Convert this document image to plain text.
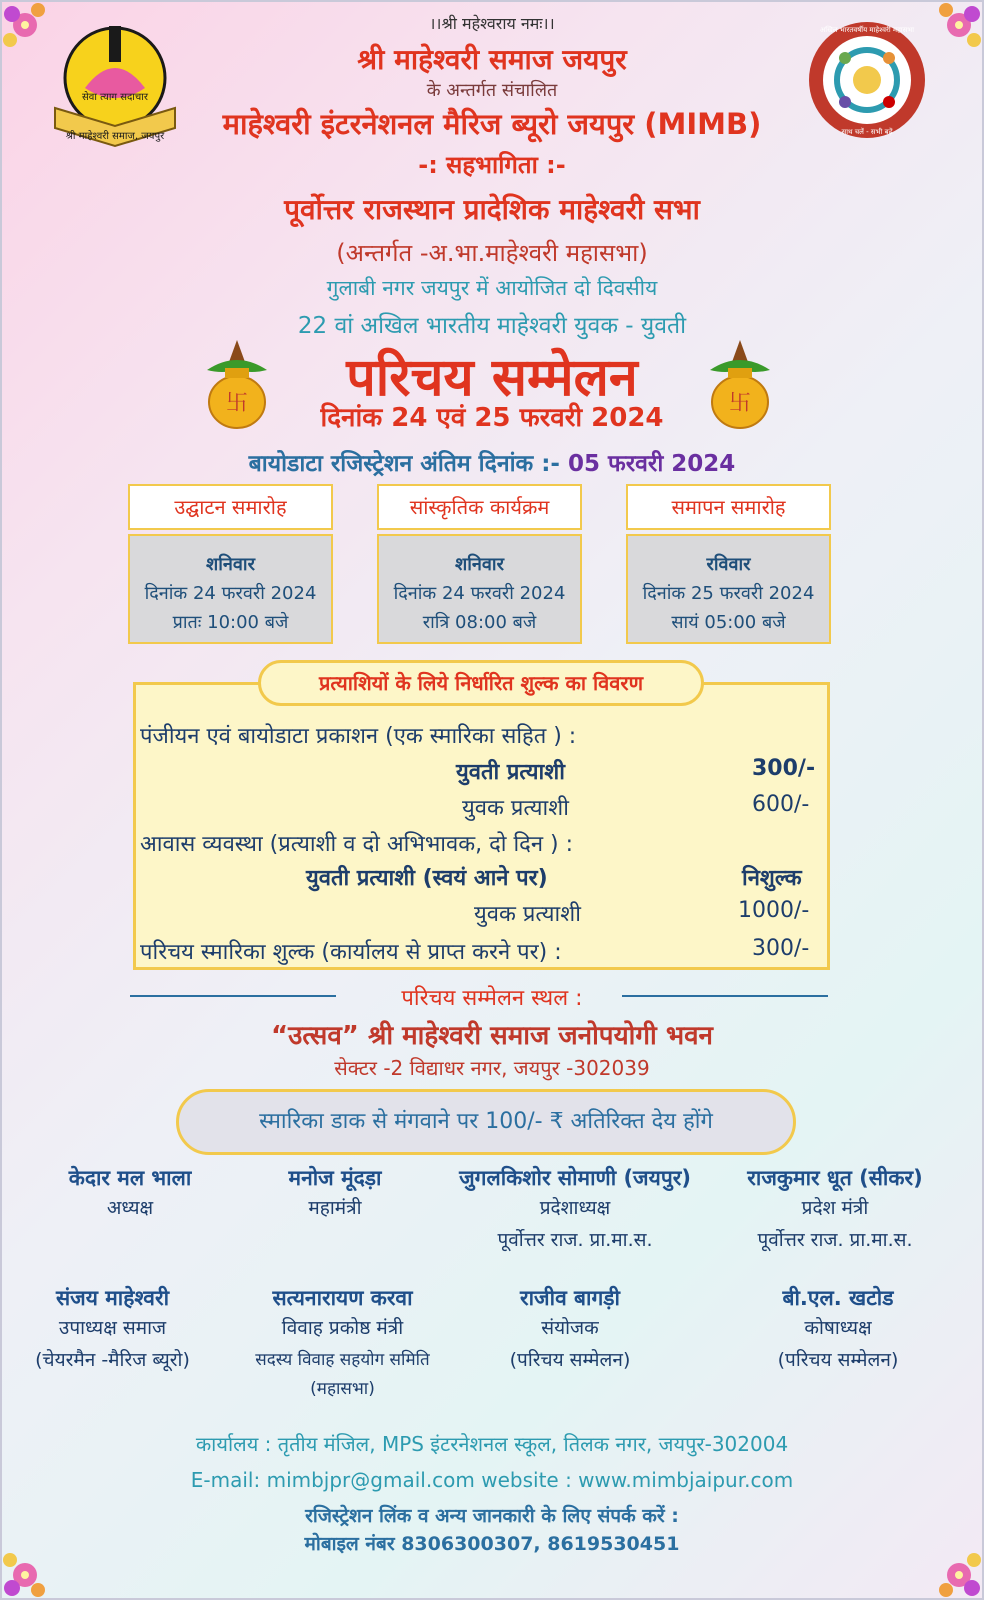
सेवा त्याग सदाचार
श्री माहेश्वरी समाज, जयपुर
अखिल भारतवर्षीय माहेश्वरी महासभा
साथ चलें - सभी बढ़ें
।।श्री महेश्वराय नमः।।
श्री माहेश्वरी समाज जयपुर
के अन्तर्गत संचालित
माहेश्वरी इंटरनेशनल मैरिज ब्यूरो जयपुर (MIMB)
-: सहभागिता :-
पूर्वोत्तर राजस्थान प्रादेशिक माहेश्वरी सभा
(अन्तर्गत -अ.भा.माहेश्वरी महासभा)
गुलाबी नगर जयपुर में आयोजित दो दिवसीय
22 वां अखिल भारतीय माहेश्वरी युवक - युवती
परिचय सम्मेलन
दिनांक 24 एवं 25 फरवरी 2024
बायोडाटा रजिस्ट्रेशन अंतिम दिनांक :- 05 फरवरी 2024
卐	卐
उद्घाटन समारोह
शनिवार
दिनांक 24 फरवरी 2024
प्रातः 10:00 बजे
सांस्कृतिक कार्यक्रम
शनिवार
दिनांक 24 फरवरी 2024
रात्रि 08:00 बजे
समापन समारोह
रविवार
दिनांक 25 फरवरी 2024
सायं 05:00 बजे
प्रत्याशियों के लिये निर्धारित शुल्क का विवरण
पंजीयन एवं बायोडाटा प्रकाशन (एक स्मारिका सहित ) :
युवती प्रत्याशी	300/-
युवक प्रत्याशी	600/-
आवास व्यवस्था (प्रत्याशी व दो अभिभावक, दो दिन ) :
युवती प्रत्याशी (स्वयं आने पर)	निशुल्क
युवक प्रत्याशी	1000/-
परिचय स्मारिका शुल्क (कार्यालय से प्राप्त करने पर) :	300/-
परिचय सम्मेलन स्थल :
“उत्सव” श्री माहेश्वरी समाज जनोपयोगी भवन
सेक्टर -2 विद्याधर नगर, जयपुर -302039
स्मारिका डाक से मंगवाने पर 100/- ₹ अतिरिक्त देय होंगे
केदार मल भाला
अध्यक्ष
मनोज मूंदड़ा
महामंत्री
जुगलकिशोर सोमाणी (जयपुर)
प्रदेशाध्यक्ष
पूर्वोत्तर राज. प्रा.मा.स.
राजकुमार धूत (सीकर)
प्रदेश मंत्री
पूर्वोत्तर राज. प्रा.मा.स.
संजय माहेश्वरी
उपाध्यक्ष समाज
(चेयरमैन -मैरिज ब्यूरो)
सत्यनारायण करवा
विवाह प्रकोष्ठ मंत्री
सदस्य विवाह सहयोग समिति
(महासभा)
राजीव बागड़ी
संयोजक
(परिचय सम्मेलन)
बी.एल. खटोड
कोषाध्यक्ष
(परिचय सम्मेलन)
कार्यालय : तृतीय मंजिल, MPS इंटरनेशनल स्कूल, तिलक नगर, जयपुर-302004
E-mail: mimbjpr@gmail.com website : www.mimbjaipur.com
रजिस्ट्रेशन लिंक व अन्य जानकारी के लिए संपर्क करें :
मोबाइल नंबर 8306300307, 8619530451
